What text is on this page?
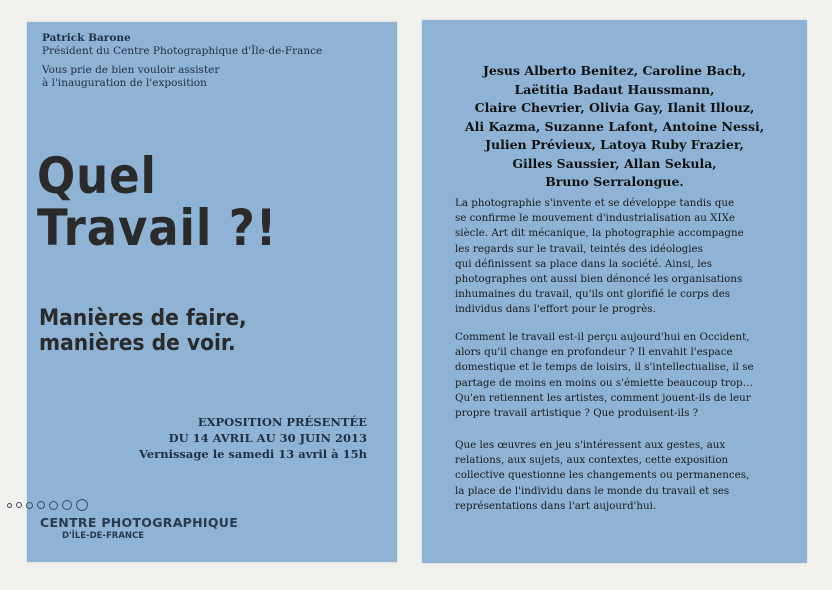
Patrick Barone
Président du Centre Photographique d'Île-de-France
Vous prie de bien vouloir assister
à l'inauguration de l'exposition
Quel
Travail ?!
Manières de faire,
manières de voir.
EXPOSITION PRÉSENTÉE
DU 14 AVRIL AU 30 JUIN 2013
Vernissage le samedi 13 avril à 15h
CENTRE PHOTOGRAPHIQUE
D'ÎLE-DE-FRANCE
Jesus Alberto Benitez, Caroline Bach,
Laëtitia Badaut Haussmann,
Claire Chevrier, Olivia Gay, Ilanit Illouz,
Ali Kazma, Suzanne Lafont, Antoine Nessi,
Julien Prévieux, Latoya Ruby Frazier,
Gilles Saussier, Allan Sekula,
Bruno Serralongue.
La photographie s'invente et se développe tandis que
se confirme le mouvement d'industrialisation au XIXe
siècle. Art dit mécanique, la photographie accompagne
les regards sur le travail, teintés des idéologies
qui définissent sa place dans la société. Ainsi, les
photographes ont aussi bien dénoncé les organisations
inhumaines du travail, qu'ils ont glorifié le corps des
individus dans l'effort pour le progrès.
Comment le travail est-il perçu aujourd'hui en Occident,
alors qu'il change en profondeur ? Il envahit l'espace
domestique et le temps de loisirs, il s'intellectualise, il se
partage de moins en moins ou s'émiette beaucoup trop…
Qu'en retiennent les artistes, comment jouent-ils de leur
propre travail artistique ? Que produisent-ils ?
Que les œuvres en jeu s'intéressent aux gestes, aux
relations, aux sujets, aux contextes, cette exposition
collective questionne les changements ou permanences,
la place de l'individu dans le monde du travail et ses
représentations dans l'art aujourd'hui.
